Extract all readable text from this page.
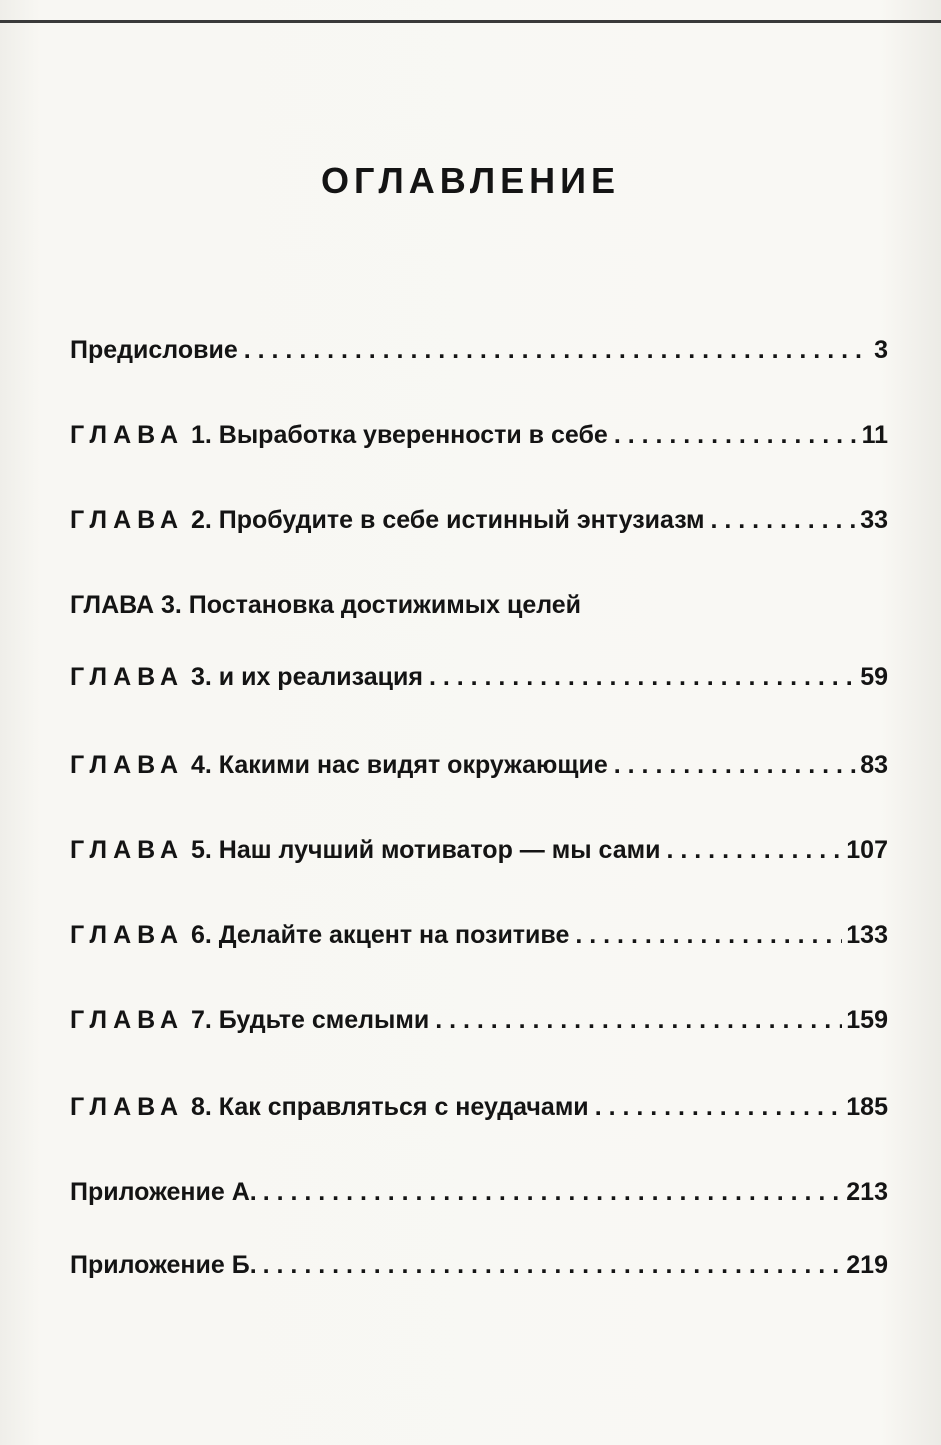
ОГЛАВЛЕНИЕ
Предисловие . . .	3
ГЛАВА 1. Выработка уверенности в себе . . .	11
ГЛАВА 2. Пробудите в себе истинный энтузиазм . . .	33
ГЛАВА 3. Постановка достижимых целей
ГЛАВА 3. и их реализация . . .	59
ГЛАВА 4. Какими нас видят окружающие . . .	83
ГЛАВА 5. Наш лучший мотиватор — мы сами . . .	107
ГЛАВА 6. Делайте акцент на позитиве . . .	133
ГЛАВА 7. Будьте смелыми . . .	159
ГЛАВА 8. Как справляться с неудачами . . .	185
Приложение А. . . .	213
Приложение Б. . . .	219
